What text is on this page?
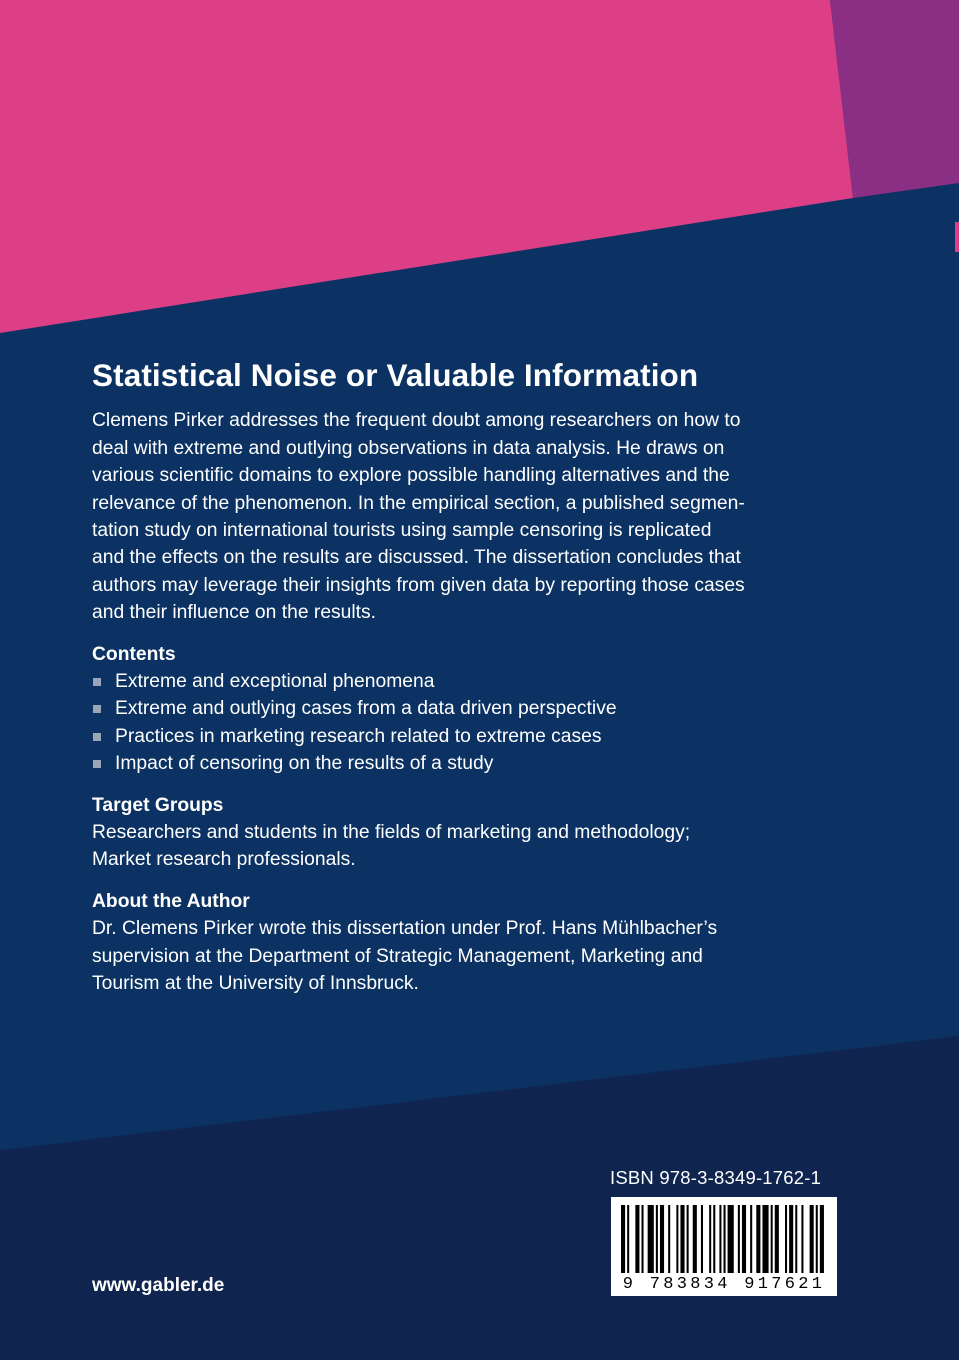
Statistical Noise or Valuable Information
Clemens Pirker addresses the frequent doubt among researchers on how to
deal with extreme and outlying observations in data analysis. He draws on
various scientific domains to explore possible handling alternatives and the
relevance of the phenomenon. In the empirical section, a published segmen-
tation study on international tourists using sample censoring is replicated
and the effects on the results are discussed. The dissertation concludes that
authors may leverage their insights from given data by reporting those cases
and their influence on the results.
Contents
Extreme and exceptional phenomena
Extreme and outlying cases from a data driven perspective
Practices in marketing research related to extreme cases
Impact of censoring on the results of a study
Target Groups
Researchers and students in the fields of marketing and methodology;
Market research professionals.
About the Author
Dr. Clemens Pirker wrote this dissertation under Prof. Hans Mühlbacher’s
supervision at the Department of Strategic Management, Marketing and
Tourism at the University of Innsbruck.
ISBN 978-3-8349-1762-1
9 783834 917621
www.gabler.de
